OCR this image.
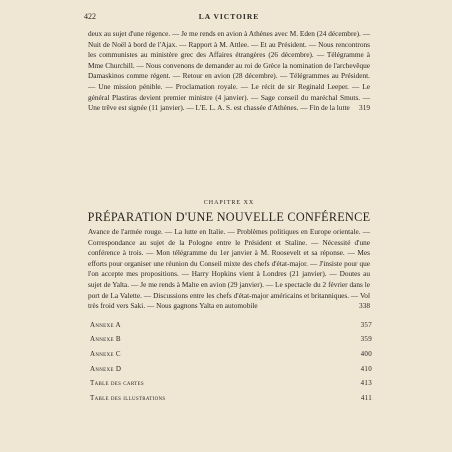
422	LA VICTOIRE
deux au sujet d'une régence. — Je me rends en avion à Athènes avec M. Eden (24 décembre). — Nuit de Noël à bord de l'Ajax. — Rapport à M. Attlee. — Et au Président. — Nous rencontrons les communistes au ministère grec des Affaires étrangères (26 décembre). — Télégramme à Mme Churchill. — Nous convenons de demander au roi de Grèce la nomination de l'archevêque Damaskinos comme régent. — Retour en avion (28 décembre). — Télégrammes au Président. — Une mission pénible. — Proclamation royale. — Le récit de sir Reginald Leeper. — Le général Plastiras devient premier ministre (4 janvier). — Sage conseil du maréchal Smuts. — Une trêve est signée (11 janvier). — L'E. L. A. S. est chassée d'Athènes. — Fin de la lutte 319
CHAPITRE XX
PRÉPARATION D'UNE NOUVELLE CONFÉRENCE
Avance de l'armée rouge. — La lutte en Italie. — Problèmes politiques en Europe orientale. — Correspondance au sujet de la Pologne entre le Président et Staline. — Nécessité d'une conférence à trois. — Mon télégramme du 1er janvier à M. Roosevelt et sa réponse. — Mes efforts pour organiser une réunion du Conseil mixte des chefs d'état-major. — J'insiste pour que l'on accepte mes propositions. — Harry Hopkins vient à Londres (21 janvier). — Doutes au sujet de Yalta. — Je me rends à Malte en avion (29 janvier). — Le spectacle du 2 février dans le port de La Valette. — Discussions entre les chefs d'état-major américains et britanniques. — Vol très froid vers Saki. — Nous gagnons Yalta en automobile	338
Annexe A	357
Annexe B	359
Annexe C	400
Annexe D	410
Table des cartes	413
Table des illustrations	411
